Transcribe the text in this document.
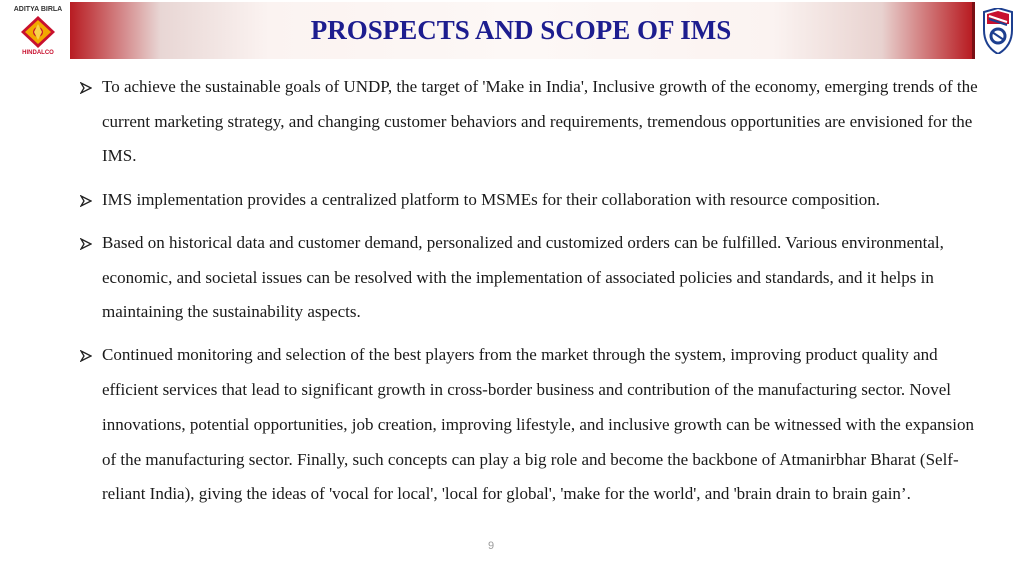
PROSPECTS AND SCOPE OF IMS
ADITYA BIRLA
HINDALCO
To achieve the sustainable goals of UNDP, the target of 'Make in India', Inclusive growth of the economy, emerging trends of the current marketing strategy, and changing customer behaviors and requirements, tremendous opportunities are envisioned for the IMS.
IMS implementation provides a centralized platform to MSMEs for their collaboration with resource composition.
Based on historical data and customer demand, personalized and customized orders can be fulfilled. Various environmental, economic, and societal issues can be resolved with the implementation of associated policies and standards, and it helps in maintaining the sustainability aspects.
Continued monitoring and selection of the best players from the market through the system, improving product quality and efficient services that lead to significant growth in cross-border business and contribution of the manufacturing sector. Novel innovations, potential opportunities, job creation, improving lifestyle, and inclusive growth can be witnessed with the expansion of the manufacturing sector. Finally, such concepts can play a big role and become the backbone of Atmanirbhar Bharat (Self-reliant India), giving the ideas of 'vocal for local', 'local for global', 'make for the world', and 'brain drain to brain gain’.
9
